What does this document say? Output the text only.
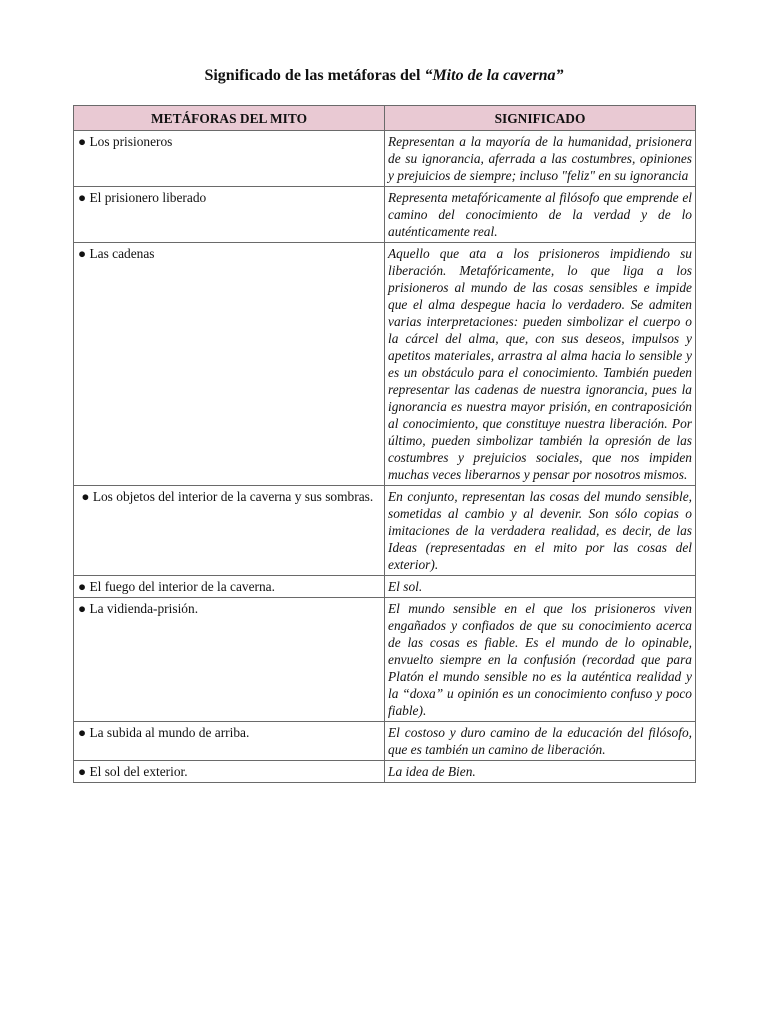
Significado de las metáforas del “Mito de la caverna”
METÁFORAS DEL MITO	SIGNIFICADO
● Los prisioneros	Representan a la mayoría de la humanidad, prisionera de su ignorancia, aferrada a las costumbres, opiniones y prejuicios de siempre; incluso "feliz" en su ignorancia
● El prisionero liberado	Representa metafóricamente al filósofo que emprende el camino del conocimiento de la verdad y de lo auténticamente real.
● Las cadenas	Aquello que ata a los prisioneros impidiendo su liberación. Metafóricamente, lo que liga a los prisioneros al mundo de las cosas sensibles e impide que el alma despegue hacia lo verdadero. Se admiten varias interpretaciones: pueden simbolizar el cuerpo o la cárcel del alma, que, con sus deseos, impulsos y apetitos materiales, arrastra al alma hacia lo sensible y es un obstáculo para el conocimiento. También pueden representar las cadenas de nuestra ignorancia, pues la ignorancia es nuestra mayor prisión, en contraposición al conocimiento, que constituye nuestra liberación. Por último, pueden simbolizar también la opresión de las costumbres y prejuicios sociales, que nos impiden muchas veces liberarnos y pensar por nosotros mismos.
● Los objetos del interior de la caverna y sus sombras.	En conjunto, representan las cosas del mundo sensible, sometidas al cambio y al devenir. Son sólo copias o imitaciones de la verdadera realidad, es decir, de las Ideas (representadas en el mito por las cosas del exterior).
● El fuego del interior de la caverna.	El sol.
● La vidienda-prisión.	El mundo sensible en el que los prisioneros viven engañados y confiados de que su conocimiento acerca de las cosas es fiable. Es el mundo de lo opinable, envuelto siempre en la confusión (recordad que para Platón el mundo sensible no es la auténtica realidad y la “doxa” u opinión es un conocimiento confuso y poco fiable).
● La subida al mundo de arriba.	El costoso y duro camino de la educación del filósofo, que es también un camino de liberación.
● El sol del exterior.	La idea de Bien.
